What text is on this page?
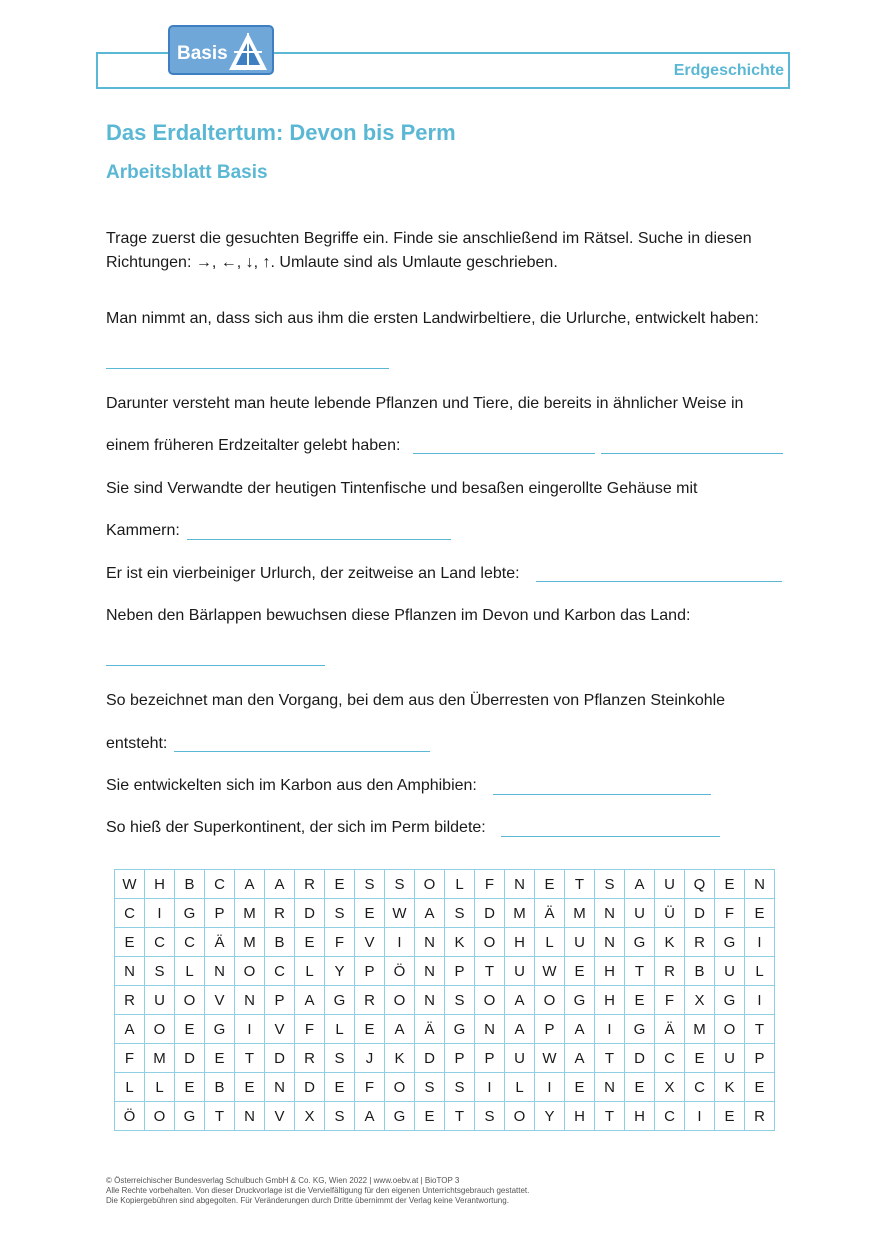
Basis
Erdgeschichte
Das Erdaltertum: Devon bis Perm
Arbeitsblatt Basis
Trage zuerst die gesuchten Begriffe ein. Finde sie anschließend im Rätsel. Suche in diesen
Richtungen: →, ←, ↓, ↑. Umlaute sind als Umlaute geschrieben.
Man nimmt an, dass sich aus ihm die ersten Landwirbeltiere, die Urlurche, entwickelt haben:
Darunter versteht man heute lebende Pflanzen und Tiere, die bereits in ähnlicher Weise in
einem früheren Erdzeitalter gelebt haben:
Sie sind Verwandte der heutigen Tintenfische und besaßen eingerollte Gehäuse mit
Kammern:
Er ist ein vierbeiniger Urlurch, der zeitweise an Land lebte:
Neben den Bärlappen bewuchsen diese Pflanzen im Devon und Karbon das Land:
So bezeichnet man den Vorgang, bei dem aus den Überresten von Pflanzen Steinkohle
entsteht:
Sie entwickelten sich im Karbon aus den Amphibien:
So hieß der Superkontinent, der sich im Perm bildete:
W	H	B	C	A	A	R	E	S	S	O	L	F	N	E	T	S	A	U	Q	E	N
C	I	G	P	M	R	D	S	E	W	A	S	D	M	Ä	M	N	U	Ü	D	F	E
E	C	C	Ä	M	B	E	F	V	I	N	K	O	H	L	U	N	G	K	R	G	I
N	S	L	N	O	C	L	Y	P	Ö	N	P	T	U	W	E	H	T	R	B	U	L
R	U	O	V	N	P	A	G	R	O	N	S	O	A	O	G	H	E	F	X	G	I
A	O	E	G	I	V	F	L	E	A	Ä	G	N	A	P	A	I	G	Ä	M	O	T
F	M	D	E	T	D	R	S	J	K	D	P	P	U	W	A	T	D	C	E	U	P
L	L	E	B	E	N	D	E	F	O	S	S	I	L	I	E	N	E	X	C	K	E
Ö	O	G	T	N	V	X	S	A	G	E	T	S	O	Y	H	T	H	C	I	E	R
© Österreichischer Bundesverlag Schulbuch GmbH & Co. KG, Wien 2022 | www.oebv.at | BioTOP 3
Alle Rechte vorbehalten. Von dieser Druckvorlage ist die Vervielfältigung für den eigenen Unterrichtsgebrauch gestattet.
Die Kopiergebühren sind abgegolten. Für Veränderungen durch Dritte übernimmt der Verlag keine Verantwortung.
